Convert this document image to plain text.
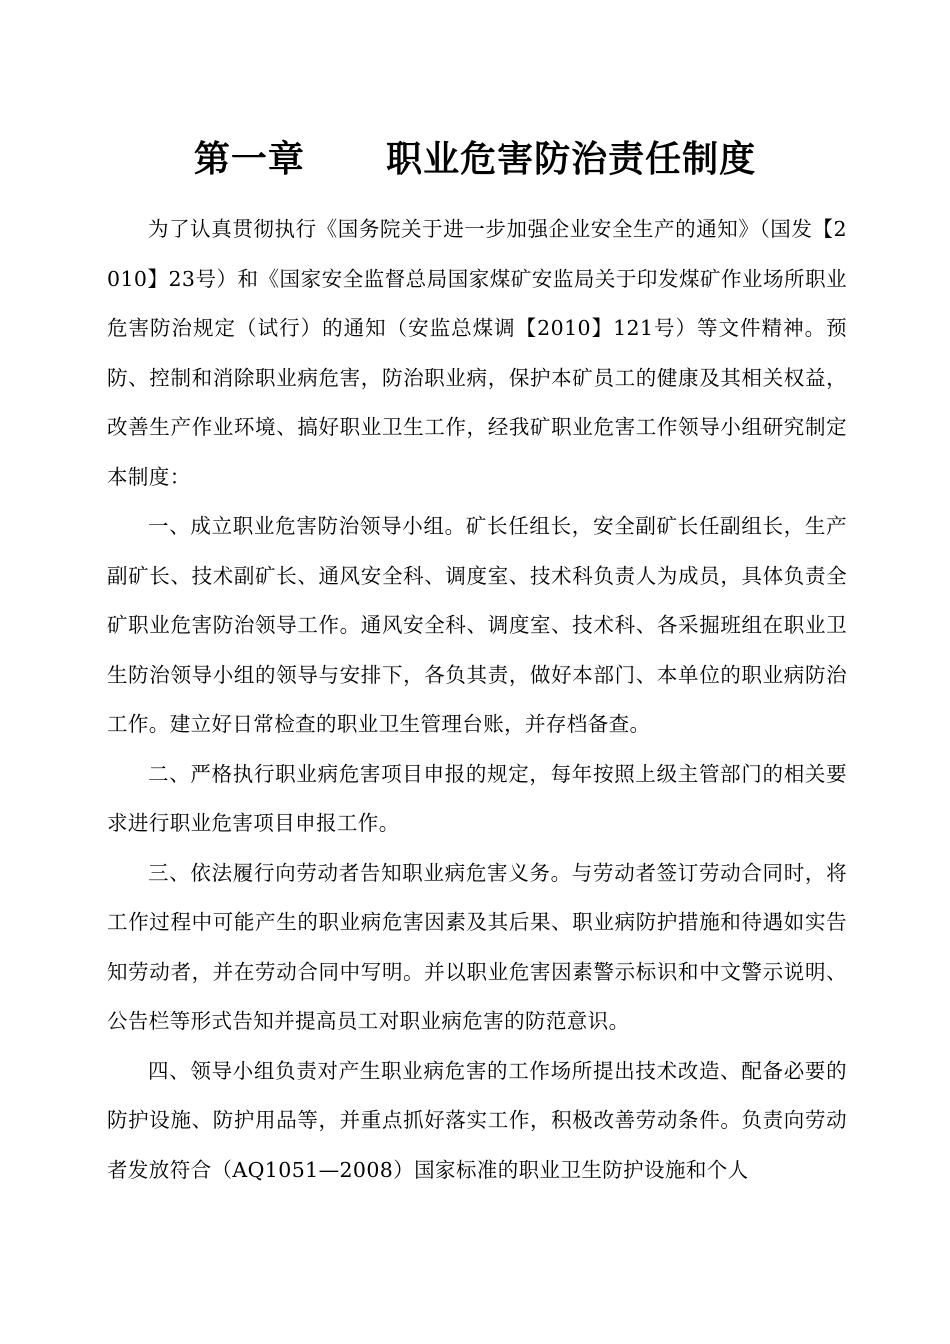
第一章      职业危害防治责任制度

为了认真贯彻执行《国务院关于进一步加强企业安全生产的通知》（国发【2010】23号）和《国家安全监督总局国家煤矿安监局关于印发煤矿作业场所职业危害防治规定（试行）的通知（安监总煤调【2010】121号）等文件精神。预防、控制和消除职业病危害，防治职业病，保护本矿员工的健康及其相关权益，改善生产作业环境、搞好职业卫生工作，经我矿职业危害工作领导小组研究制定本制度：

一、成立职业危害防治领导小组。矿长任组长，安全副矿长任副组长，生产副矿长、技术副矿长、通风安全科、调度室、技术科负责人为成员，具体负责全矿职业危害防治领导工作。通风安全科、调度室、技术科、各采掘班组在职业卫生防治领导小组的领导与安排下，各负其责，做好本部门、本单位的职业病防治工作。建立好日常检查的职业卫生管理台账，并存档备查。

二、严格执行职业病危害项目申报的规定，每年按照上级主管部门的相关要求进行职业危害项目申报工作。

三、依法履行向劳动者告知职业病危害义务。与劳动者签订劳动合同时，将工作过程中可能产生的职业病危害因素及其后果、职业病防护措施和待遇如实告知劳动者，并在劳动合同中写明。并以职业危害因素警示标识和中文警示说明、公告栏等形式告知并提高员工对职业病危害的防范意识。

四、领导小组负责对产生职业病危害的工作场所提出技术改造、配备必要的防护设施、防护用品等，并重点抓好落实工作，积极改善劳动条件。负责向劳动者发放符合（AQ1051—2008）国家标准的职业卫生防护设施和个人
